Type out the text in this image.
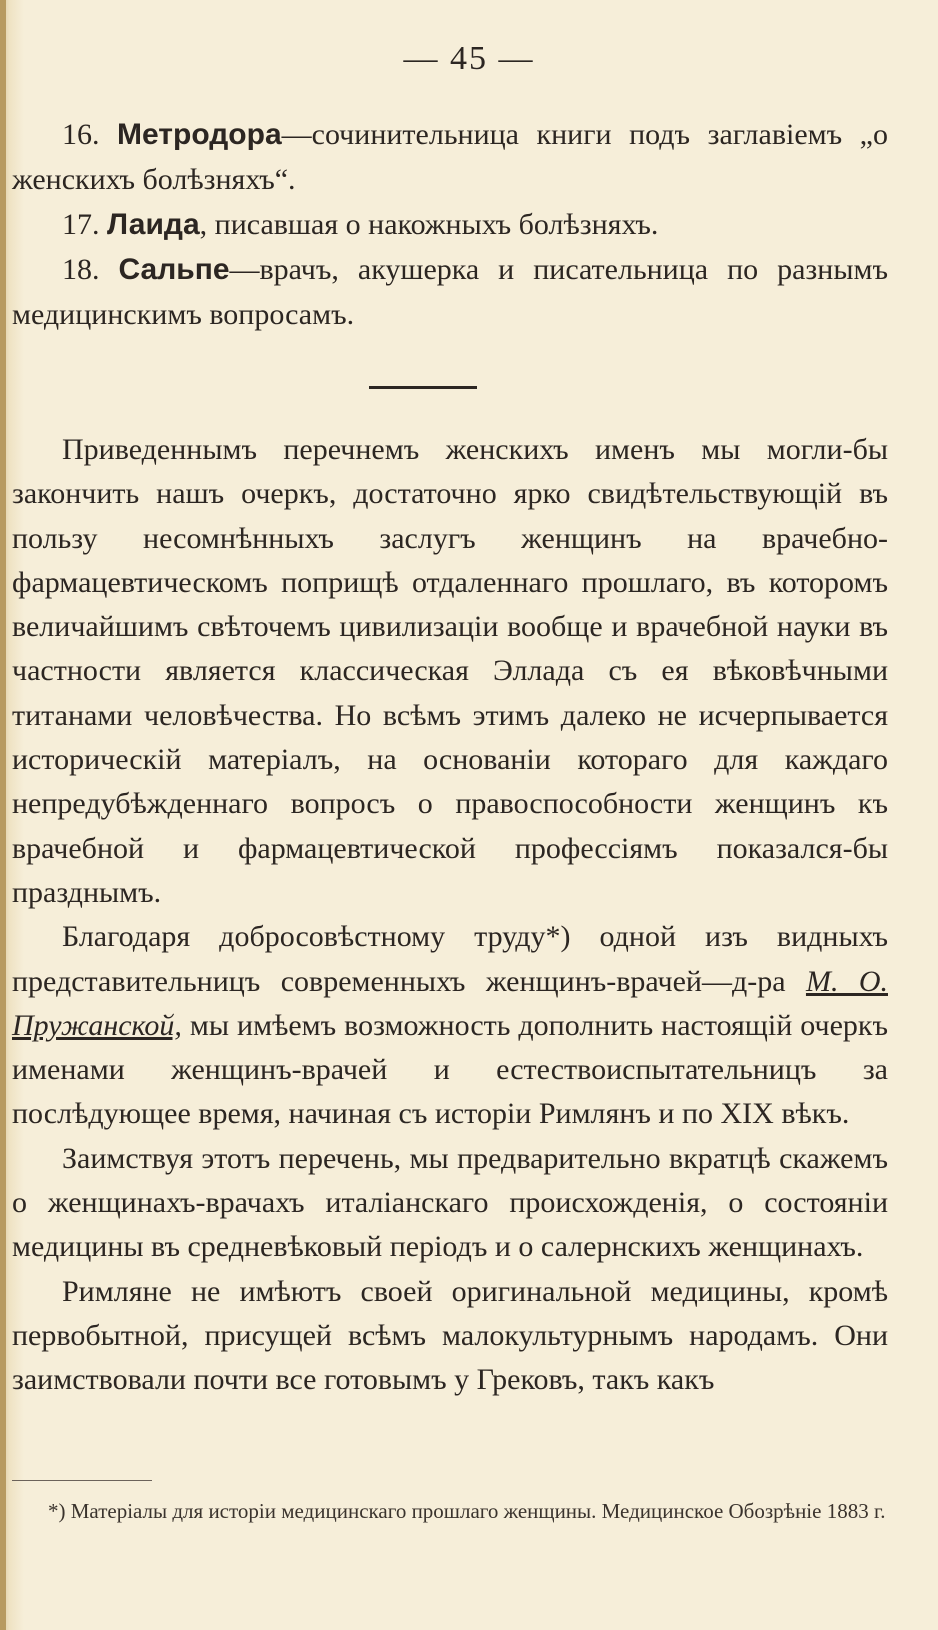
— 45 —

16. Метродора—сочинительница книги подъ заглавіемъ „о женскихъ болѣзняхъ“.

17. Лаида, писавшая о накожныхъ болѣзняхъ.

18. Сальпе—врачъ, акушерка и писательница по разнымъ медицинскимъ вопросамъ.

Приведеннымъ перечнемъ женскихъ именъ мы могли-бы закончить нашъ очеркъ, достаточно ярко свидѣтельствующій въ пользу несомнѣнныхъ заслугъ женщинъ на врачебно-фармацевтическомъ поприщѣ отдаленнаго прошлаго, въ которомъ величайшимъ свѣточемъ цивилизаціи вообще и врачебной науки въ частности является классическая Эллада съ ея вѣковѣчными титанами человѣчества. Но всѣмъ этимъ далеко не исчерпывается историческій матеріалъ, на основаніи котораго для каждаго непредубѣжденнаго вопросъ о правоспособности женщинъ къ врачебной и фармацевтической профессіямъ показался-бы празднымъ.

Благодаря добросовѣстному труду*) одной изъ видныхъ представительницъ современныхъ женщинъ-врачей—д-ра М. О. Пружанской, мы имѣемъ возможность дополнить настоящій очеркъ именами женщинъ-врачей и естествоиспытательницъ за послѣдующее время, начиная съ исторіи Римлянъ и по XIX вѣкъ.

Заимствуя этотъ перечень, мы предварительно вкратцѣ скажемъ о женщинахъ-врачахъ италіанскаго происхожденія, о состояніи медицины въ средневѣковый періодъ и о салернскихъ женщинахъ.

Римляне не имѣютъ своей оригинальной медицины, кромѣ первобытной, присущей всѣмъ малокультурнымъ народамъ. Они заимствовали почти все готовымъ у Грековъ, такъ какъ

*) Матеріалы для исторіи медицинскаго прошлаго женщины. Медицинское Обозрѣніе 1883 г.
